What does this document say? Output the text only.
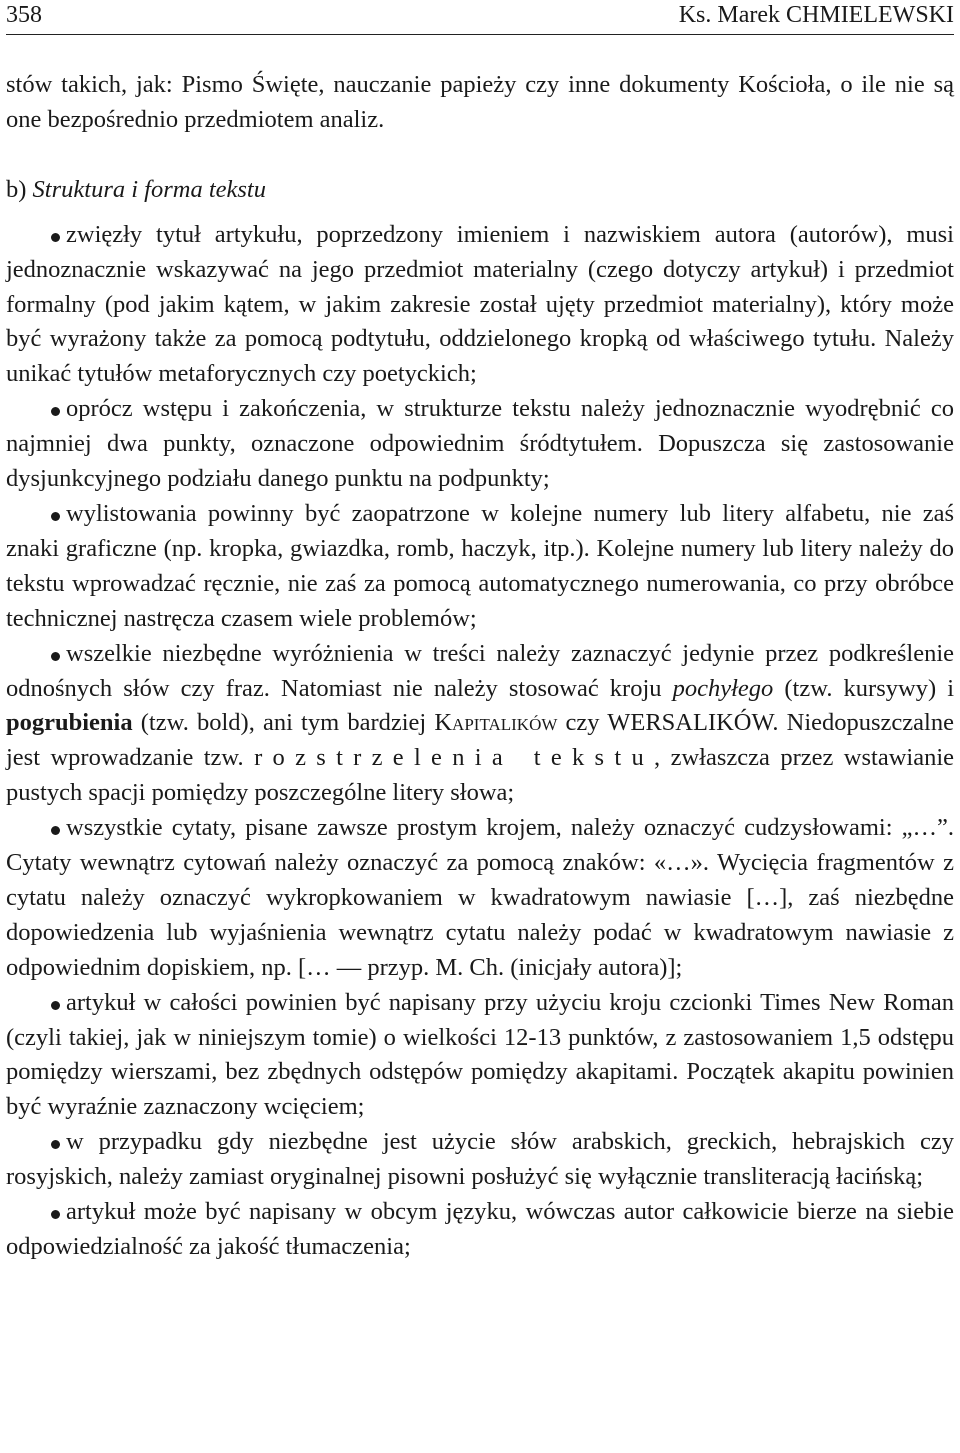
358	Ks. Marek CHMIELEWSKI

stów takich, jak: Pismo Święte, nauczanie papieży czy inne dokumenty Kościoła, o ile nie są one bezpośrednio przedmiotem analiz.

b) Struktura i forma tekstu

zwięzły tytuł artykułu, poprzedzony imieniem i nazwiskiem autora (autorów), musi jednoznacznie wskazywać na jego przedmiot materialny (czego dotyczy artykuł) i przedmiot formalny (pod jakim kątem, w jakim zakresie został ujęty przedmiot materialny), który może być wyrażony także za pomocą podtytułu, oddzielonego kropką od właściwego tytułu. Należy unikać tytułów metaforycznych czy poetyckich;

oprócz wstępu i zakończenia, w strukturze tekstu należy jednoznacznie wyodrębnić co najmniej dwa punkty, oznaczone odpowiednim śródtytułem. Dopuszcza się zastosowanie dysjunkcyjnego podziału danego punktu na podpunkty;

wylistowania powinny być zaopatrzone w kolejne numery lub litery alfabetu, nie zaś znaki graficzne (np. kropka, gwiazdka, romb, haczyk, itp.). Kolejne numery lub litery należy do tekstu wprowadzać ręcznie, nie zaś za pomocą automatycznego numerowania, co przy obróbce technicznej nastręcza czasem wiele problemów;

wszelkie niezbędne wyróżnienia w treści należy zaznaczyć jedynie przez podkreślenie odnośnych słów czy fraz. Natomiast nie należy stosować kroju pochyłego (tzw. kursywy) i pogrubienia (tzw. bold), ani tym bardziej Kapitalików czy WERSALIKÓW. Niedopuszczalne jest wprowadzanie tzw. rozstrzelenia tekstu, zwłaszcza przez wstawianie pustych spacji pomiędzy poszczególne litery słowa;

wszystkie cytaty, pisane zawsze prostym krojem, należy oznaczyć cudzysłowami: „…”. Cytaty wewnątrz cytowań należy oznaczyć za pomocą znaków: «…». Wycięcia fragmentów z cytatu należy oznaczyć wykropkowaniem w kwadratowym nawiasie […], zaś niezbędne dopowiedzenia lub wyjaśnienia wewnątrz cytatu należy podać w kwadratowym nawiasie z odpowiednim dopiskiem, np. [… — przyp. M. Ch. (inicjały autora)];

artykuł w całości powinien być napisany przy użyciu kroju czcionki Times New Roman (czyli takiej, jak w niniejszym tomie) o wielkości 12-13 punktów, z zastosowaniem 1,5 odstępu pomiędzy wierszami, bez zbędnych odstępów pomiędzy akapitami. Początek akapitu powinien być wyraźnie zaznaczony wcięciem;

w przypadku gdy niezbędne jest użycie słów arabskich, greckich, hebrajskich czy rosyjskich, należy zamiast oryginalnej pisowni posłużyć się wyłącznie transliteracją łacińską;

artykuł może być napisany w obcym języku, wówczas autor całkowicie bierze na siebie odpowiedzialność za jakość tłumaczenia;
